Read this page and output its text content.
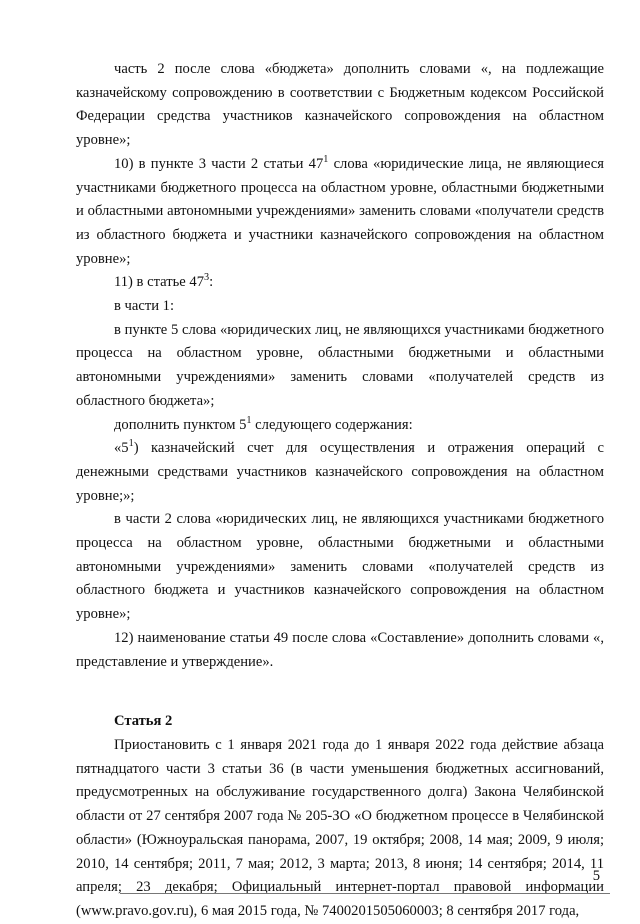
часть 2 после слова «бюджета» дополнить словами «, на подлежащие казначейскому сопровождению в соответствии с Бюджетным кодексом Российской Федерации средства участников казначейского сопровождения на областном уровне»;

10) в пункте 3 части 2 статьи $47^1$ слова «юридические лица, не являющиеся участниками бюджетного процесса на областном уровне, областными бюджетными и областными автономными учреждениями» заменить словами «получатели средств из областного бюджета и участники казначейского сопровождения на областном уровне»;

11) в статье $47^3$:

в части 1:

в пункте 5 слова «юридических лиц, не являющихся участниками бюджетного процесса на областном уровне, областными бюджетными и областными автономными учреждениями» заменить словами «получателей средств из областного бюджета»;

дополнить пунктом $5^1$ следующего содержания:

«$5^1$) казначейский счет для осуществления и отражения операций с денежными средствами участников казначейского сопровождения на областном уровне;»;

в части 2 слова «юридических лиц, не являющихся участниками бюджетного процесса на областном уровне, областными бюджетными и областными автономными учреждениями» заменить словами «получателей средств из областного бюджета и участников казначейского сопровождения на областном уровне»;

12) наименование статьи 49 после слова «Составление» дополнить словами «, представление и утверждение».

Статья 2

Приостановить с 1 января 2021 года до 1 января 2022 года действие абзаца пятнадцатого части 3 статьи 36 (в части уменьшения бюджетных ассигнований, предусмотренных на обслуживание государственного долга) Закона Челябинской области от 27 сентября 2007 года № 205-ЗО «О бюджетном процессе в Челябинской области» (Южноуральская панорама, 2007, 19 октября; 2008, 14 мая; 2009, 9 июля; 2010, 14 сентября; 2011, 7 мая; 2012, 3 марта; 2013, 8 июня; 14 сентября; 2014, 11 апреля; 23 декабря; Официальный интернет-портал правовой информации (www.pravo.gov.ru), 6 мая 2015 года, № 7400201505060003; 8 сентября 2017 года,

5
